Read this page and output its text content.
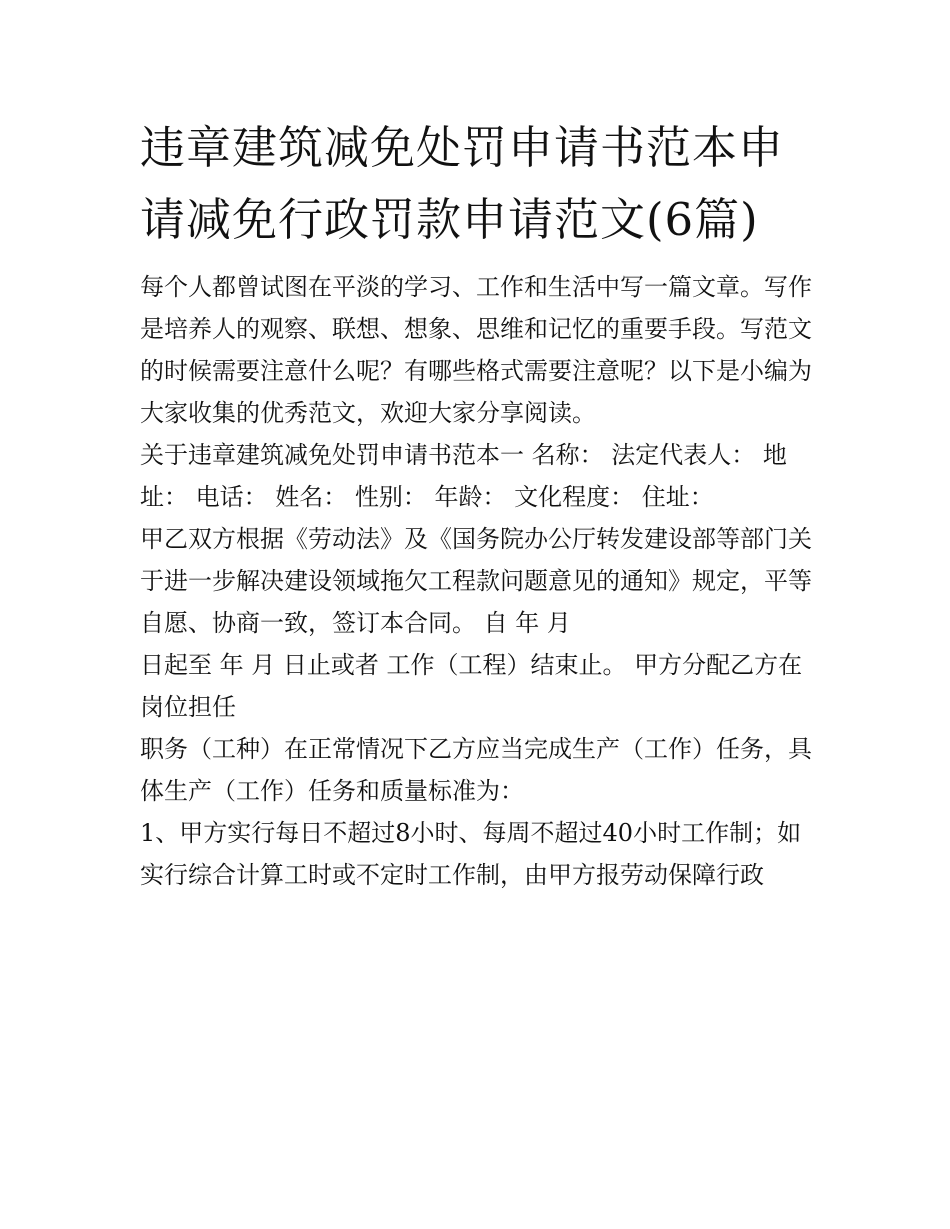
违章建筑减免处罚申请书范本申请减免行政罚款申请范文(6篇)

每个人都曾试图在平淡的学习、工作和生活中写一篇文章。写作是培养人的观察、联想、想象、思维和记忆的重要手段。写范文的时候需要注意什么呢？有哪些格式需要注意呢？以下是小编为大家收集的优秀范文，欢迎大家分享阅读。

关于违章建筑减免处罚申请书范本一 名称： 法定代表人： 地址： 电话： 姓名： 性别： 年龄： 文化程度： 住址：

甲乙双方根据《劳动法》及《国务院办公厅转发建设部等部门关于进一步解决建设领域拖欠工程款问题意见的通知》规定，平等自愿、协商一致，签订本合同。 自 年 月

日起至 年 月 日止或者 工作（工程）结束止。 甲方分配乙方在 岗位担任

职务（工种）在正常情况下乙方应当完成生产（工作）任务，具体生产（工作）任务和质量标准为：

1、甲方实行每日不超过8小时、每周不超过40小时工作制；如实行综合计算工时或不定时工作制，由甲方报劳动保障行政
